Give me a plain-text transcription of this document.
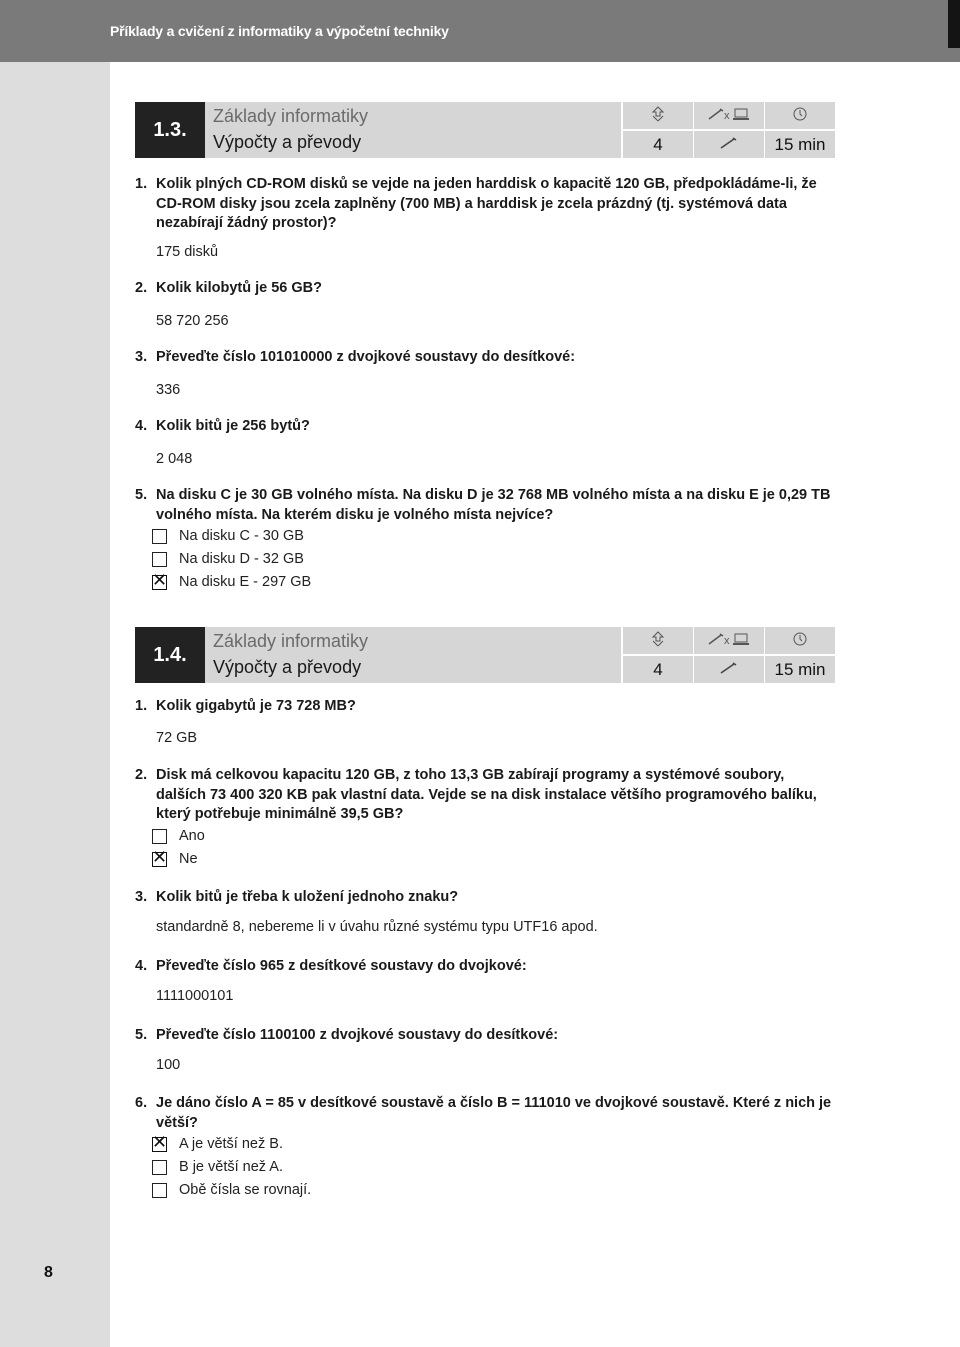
Příklady a cvičení z informatiky a výpočetní techniky
8
1.3.
Základy informatiky
Výpočty a převody
x
4	15 min
1. Kolik plných CD-ROM disků se vejde na jeden harddisk o kapacitě 120 GB, předpokládáme-li, že CD-ROM disky jsou zcela zaplněny (700 MB) a harddisk je zcela prázdný (tj. systémová data nezabírají žádný prostor)?
175 disků
2. Kolik kilobytů je 56 GB?
58 720 256
3. Převeďte číslo 101010000 z dvojkové soustavy do desítkové:
336
4. Kolik bitů je 256 bytů?
2 048
5. Na disku C je 30 GB volného místa. Na disku D je 32 768 MB volného místa a na disku E je 0,29 TB volného místa. Na kterém disku je volného místa nejvíce?
Na disku C - 30 GB
Na disku D - 32 GB
✕ Na disku E - 297 GB
1.4.
Základy informatiky
Výpočty a převody
x
4	15 min
1. Kolik gigabytů je 73 728 MB?
72 GB
2. Disk má celkovou kapacitu 120 GB, z toho 13,3 GB zabírají programy a systémové soubory, dalších 73 400 320 KB pak vlastní data. Vejde se na disk instalace většího programového balíku, který potřebuje minimálně 39,5 GB?
Ano
✕ Ne
3. Kolik bitů je třeba k uložení jednoho znaku?
standardně 8, nebereme li v úvahu různé systému typu UTF16 apod.
4. Převeďte číslo 965 z desítkové soustavy do dvojkové:
1111000101
5. Převeďte číslo 1100100 z dvojkové soustavy do desítkové:
100
6. Je dáno číslo A = 85 v desítkové soustavě a číslo B = 111010 ve dvojkové soustavě. Které z nich je větší?
✕ A je větší než B.
B je větší než A.
Obě čísla se rovnají.
